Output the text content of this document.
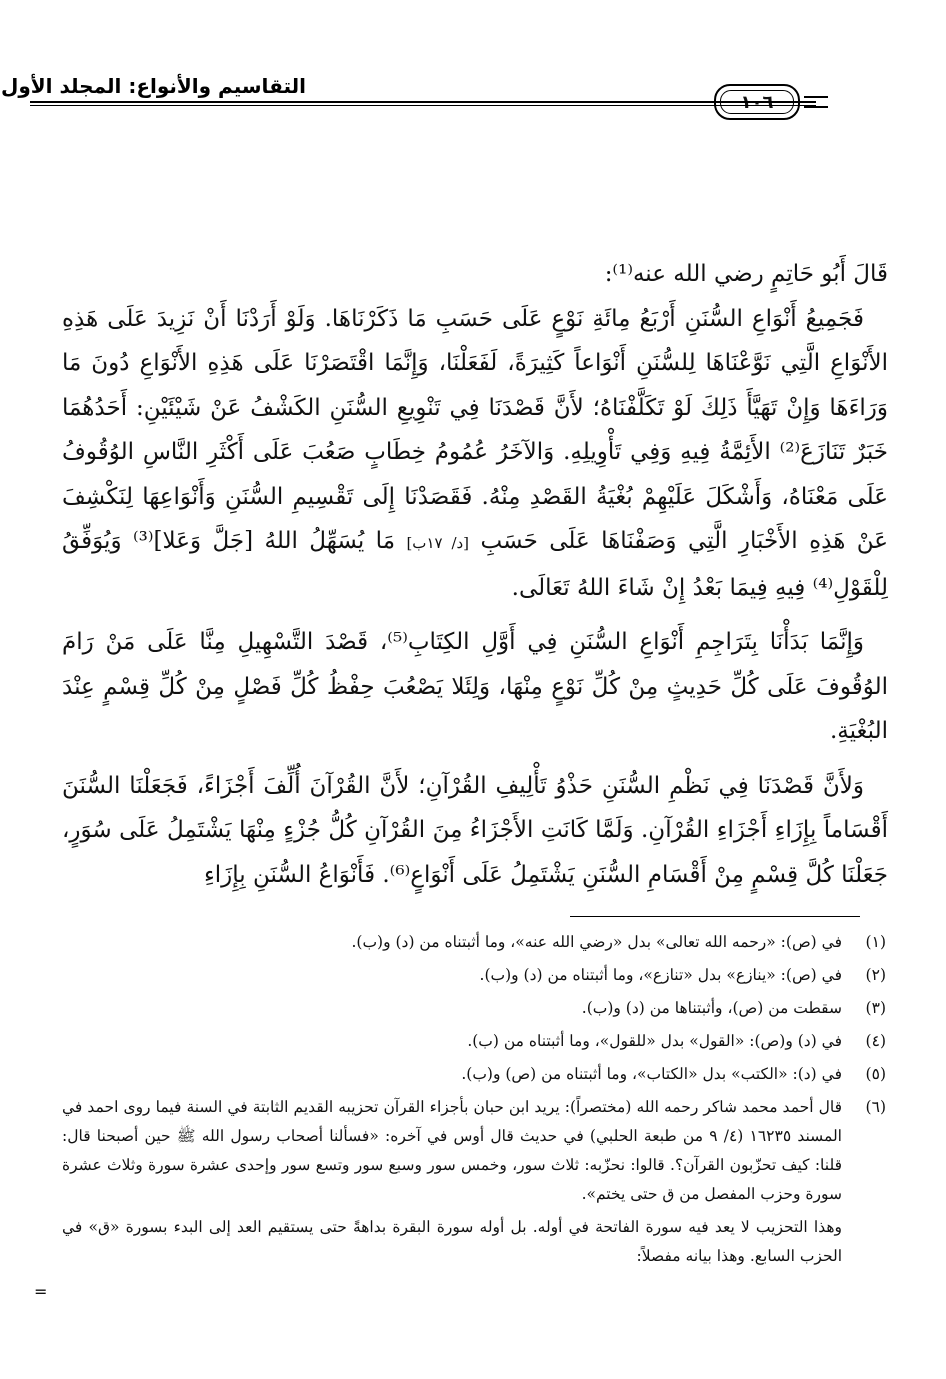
التقاسيم والأنواع: المجلد الأول
١٠٦

قَالَ أَبُو حَاتِمٍ رضي الله عنه⁽¹⁾:

فَجَمِيعُ أَنْوَاعِ السُّنَنِ أَرْبَعُ مِائَةِ نَوْعٍ عَلَى حَسَبِ مَا ذَكَرْنَاهَا. وَلَوْ أَرَدْنَا أَنْ نَزِيدَ عَلَى هَذِهِ الأَنْوَاعِ الَّتِي نَوَّعْنَاهَا لِلسُّنَنِ أَنْوَاعاً كَثِيرَةً، لَفَعَلْنَا، وَإِنَّمَا اقْتَصَرْنَا عَلَى هَذِهِ الأَنْوَاعِ دُونَ مَا وَرَاءَهَا وَإِنْ تَهَيَّأَ ذَلِكَ لَوْ تَكَلَّفْنَاهُ؛ لأَنَّ قَصْدَنَا فِي تَنْوِيعِ السُّنَنِ الكَشْفُ عَنْ شَيْئَيْنِ: أَحَدُهُمَا خَبَرٌ تَنَازَعَ⁽²⁾ الأَئِمَّةُ فِيهِ وَفِي تَأْوِيلِهِ. وَالآخَرُ عُمُومُ خِطَابٍ صَعُبَ عَلَى أَكْثَرِ النَّاسِ الوُقُوفُ عَلَى مَعْنَاهُ، وَأَشْكَلَ عَلَيْهِمْ بُغْيَةُ القَصْدِ مِنْهُ. فَقَصَدْنَا إِلَى تَقْسِيمِ السُّنَنِ وَأَنْوَاعِهَا لِنَكْشِفَ عَنْ هَذِهِ الأَخْبَارِ الَّتِي وَصَفْنَاهَا عَلَى حَسَبِ [د/ ١٧ب] مَا يُسَهِّلُ اللهُ [جَلَّ وَعَلا]⁽³⁾ وَيُوَفِّقُ لِلْقَوْلِ⁽⁴⁾ فِيهِ فِيمَا بَعْدُ إِنْ شَاءَ اللهُ تَعَالَى.

وَإِنَّمَا بَدَأْنَا بِتَرَاجِمِ أَنْوَاعِ السُّنَنِ فِي أَوَّلِ الكِتَابِ⁽⁵⁾، قَصْدَ التَّسْهِيلِ مِنَّا عَلَى مَنْ رَامَ الوُقُوفَ عَلَى كُلِّ حَدِيثٍ مِنْ كُلِّ نَوْعٍ مِنْهَا، وَلِئَلا يَصْعُبَ حِفْظُ كُلِّ فَصْلٍ مِنْ كُلِّ قِسْمٍ عِنْدَ البُغْيَةِ.

وَلأَنَّ قَصْدَنَا فِي نَظْمِ السُّنَنِ حَذْوُ تَأْلِيفِ القُرْآنِ؛ لأَنَّ القُرْآنَ أُلِّفَ أَجْزَاءً، فَجَعَلْنَا السُّنَنَ أَقْسَاماً بِإِزَاءِ أَجْزَاءِ القُرْآنِ. وَلَمَّا كَانَتِ الأَجْزَاءُ مِنَ القُرْآنِ كُلُّ جُزْءٍ مِنْهَا يَشْتَمِلُ عَلَى سُوَرٍ، جَعَلْنَا كُلَّ قِسْمٍ مِنْ أَقْسَامِ السُّنَنِ يَشْتَمِلُ عَلَى أَنْوَاعٍ⁽⁶⁾. فَأَنْوَاعُ السُّنَنِ بِإِزَاءِ

(١)
في (ص): «رحمه الله تعالى» بدل «رضي الله عنه»، وما أثبتناه من (د) و(ب).
(٢)
في (ص): «ينازع» بدل «تنازع»، وما أثبتناه من (د) و(ب).
(٣)
سقطت من (ص)، وأثبتناها من (د) و(ب).
(٤)
في (د) و(ص): «القول» بدل «للقول»، وما أثبتناه من (ب).
(٥)
في (د): «الكتب» بدل «الكتاب»، وما أثبتناه من (ص) و(ب).
(٦)
قال أحمد محمد شاكر رحمه الله (مختصراً): يريد ابن حبان بأجزاء القرآن تحزيبه القديم الثابتة في السنة فيما روى احمد في المسند ١٦٢٣٥ (٤/ ٩ من طبعة الحلبي) في حديث قال أوس في آخره: «فسألنا أصحاب رسول الله ﷺ حين أصبحنا قال: قلنا: كيف تحزّبون القرآن؟. قالوا: نحزّبه: ثلاث سور، وخمس سور وسبع سور وتسع سور وإحدى عشرة سورة وثلاث عشرة سورة وحزب المفصل من ق حتى يختم».
وهذا التحزيب لا يعد فيه سورة الفاتحة في أوله. بل أوله سورة البقرة بداهةً حتى يستقيم العد إلى البدء بسورة «ق» في الحزب السابع. وهذا بيانه مفصلاً:
=
